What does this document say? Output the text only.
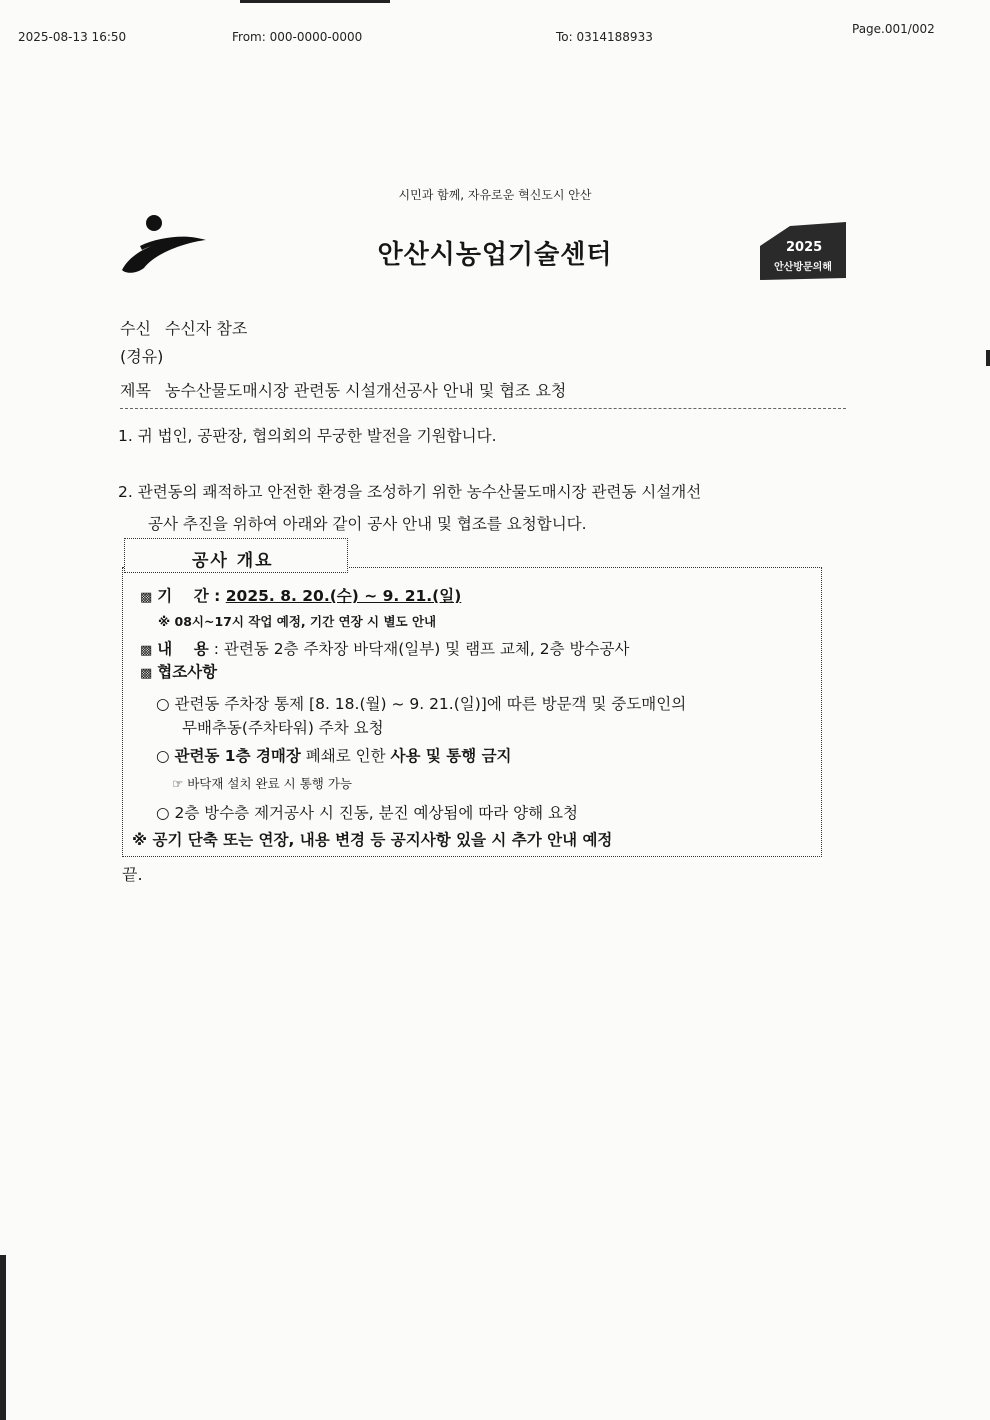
2025-08-13 16:50	From: 000-0000-0000	To: 0314188933
Page.001/002
시민과 함께, 자유로운 혁신도시 안산
안산시농업기술센터	2025
안산방문의해
수신 수신자 참조
(경유)
제목 농수산물도매시장 관련동 시설개선공사 안내 및 협조 요청
1. 귀 법인, 공판장, 협의회의 무궁한 발전을 기원합니다.
2. 관련동의 쾌적하고 안전한 환경을 조성하기 위한 농수산물도매시장 관련동 시설개선
공사 추진을 위하여 아래와 같이 공사 안내 및 협조를 요청합니다.
공사 개요
▩ 기    간 : 2025. 8. 20.(수) ~ 9. 21.(일)
※ 08시~17시 작업 예정, 기간 연장 시 별도 안내
▩ 내    용 : 관련동 2층 주차장 바닥재(일부) 및 램프 교체, 2층 방수공사
▩ 협조사항
○ 관련동 주차장 통제 [8. 18.(월) ~ 9. 21.(일)]에 따른 방문객 및 중도매인의
무배추동(주차타워) 주차 요청
○ 관련동 1층 경매장 폐쇄로 인한 사용 및 통행 금지
☞ 바닥재 설치 완료 시 통행 가능
○ 2층 방수층 제거공사 시 진동, 분진 예상됨에 따라 양해 요청
※ 공기 단축 또는 연장, 내용 변경 등 공지사항 있을 시 추가 안내 예정
끝.
